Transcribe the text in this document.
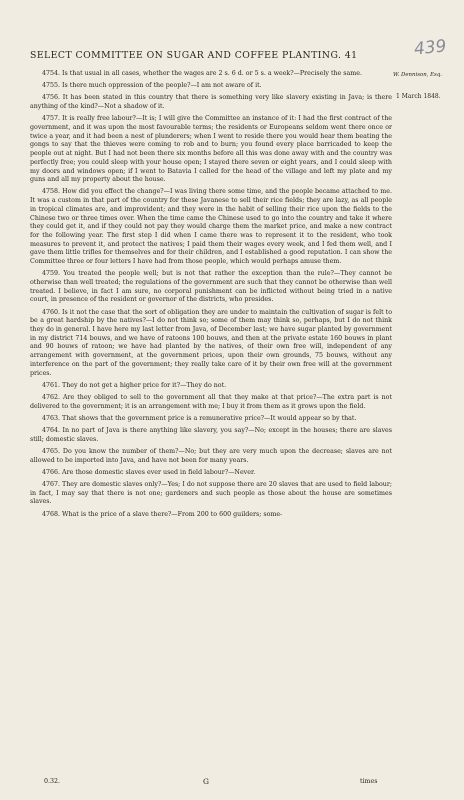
SELECT COMMITTEE ON SUGAR AND COFFEE PLANTING. 41	439
W. Dennison, Esq.
1 March 1848.

4754. Is that usual in all cases, whether the wages are 2 s. 6 d. or 5 s. a week?—Precisely the same.

4755. Is there much oppression of the people?—I am not aware of it.

4756. It has been stated in this country that there is something very like slavery existing in Java; is there anything of the kind?—Not a shadow of it.

4757. It is really free labour?—It is; I will give the Committee an instance of it: I had the first contract of the government, and it was upon the most favourable terms; the residents or Europeans seldom went there once or twice a year, and it had been a nest of plunderers; when I went to reside there you would hear them beating the gongs to say that the thieves were coming to rob and to burn; you found every place barricaded to keep the people out at night. But I had not been there six months before all this was done away with and the country was perfectly free; you could sleep with your house open; I stayed there seven or eight years, and I could sleep with my doors and windows open; if I went to Batavia I called for the head of the village and left my plate and my guns and all my property about the house.

4758. How did you effect the change?—I was living there some time, and the people became attached to me. It was a custom in that part of the country for these Javanese to sell their rice fields; they are lazy, as all people in tropical climates are, and improvident; and they were in the habit of selling their rice upon the fields to the Chinese two or three times over. When the time came the Chinese used to go into the country and take it where they could get it, and if they could not pay they would charge them the market price, and make a new contract for the following year. The first step I did when I came there was to represent it to the resident, who took measures to prevent it, and protect the natives; I paid them their wages every week, and I fed them well, and I gave them little trifles for themselves and for their children, and I established a good reputation. I can show the Committee three or four letters I have had from those people, which would perhaps amuse them.

4759. You treated the people well; but is not that rather the exception than the rule?—They cannot be otherwise than well treated; the regulations of the government are such that they cannot be otherwise than well treated. I believe, in fact I am sure, no corporal punishment can be inflicted without being tried in a native court, in presence of the resident or governor of the districts, who presides.

4760. Is it not the case that the sort of obligation they are under to maintain the cultivation of sugar is felt to be a great hardship by the natives?—I do not think so; some of them may think so, perhaps, but I do not think they do in general. I have here my last letter from Java, of December last; we have sugar planted by government in my district 714 bouws, and we have of ratoons 100 bouws, and then at the private estate 160 bouws in plant and 90 bouws of ratoon; we have had planted by the natives, of their own free will, independent of any arrangement with government, at the government prices, upon their own grounds, 75 bouws, without any interference on the part of the government; they really take care of it by their own free will at the government prices.

4761. They do not get a higher price for it?—They do not.

4762. Are they obliged to sell to the government all that they make at that price?—The extra part is not delivered to the government; it is an arrangement with me; I buy it from them as it grows upon the field.

4763. That shows that the government price is a remunerative price?—It would appear so by that.

4764. In no part of Java is there anything like slavery, you say?—No; except in the houses; there are slaves still; domestic slaves.

4765. Do you know the number of them?—No; but they are very much upon the decrease; slaves are not allowed to be imported into Java, and have not been for many years.

4766. Are those domestic slaves ever used in field labour?—Never.

4767. They are domestic slaves only?—Yes; I do not suppose there are 20 slaves that are used to field labour; in fact, I may say that there is not one; gardeners and such people as those about the house are sometimes slaves.

4768. What is the price of a slave there?—From 200 to 600 guilders; some-

0.32.	G	times
